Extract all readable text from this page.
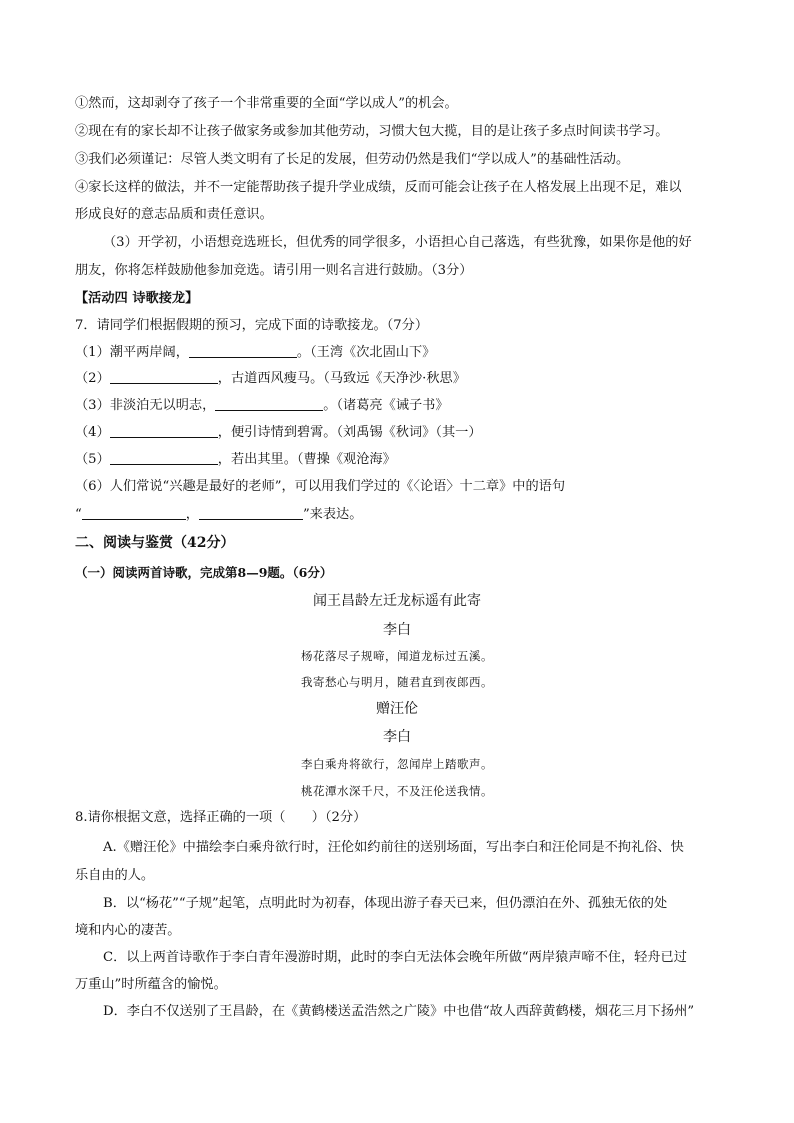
①然而，这却剥夺了孩子一个非常重要的全面“学以成人”的机会。
②现在有的家长却不让孩子做家务或参加其他劳动，习惯大包大揽，目的是让孩子多点时间读书学习。
③我们必须谨记：尽管人类文明有了长足的发展，但劳动仍然是我们“学以成人”的基础性活动。
④家长这样的做法，并不一定能帮助孩子提升学业成绩，反而可能会让孩子在人格发展上出现不足，难以
形成良好的意志品质和责任意识。
（3）开学初，小语想竞选班长，但优秀的同学很多，小语担心自己落选，有些犹豫，如果你是他的好
朋友，你将怎样鼓励他参加竞选。请引用一则名言进行鼓励。（3分）
【活动四 诗歌接龙】
7．请同学们根据假期的预习，完成下面的诗歌接龙。（7分）
（1）潮平两岸阔，	。（王湾《次北固山下》
（2）	，古道西风瘦马。（马致远《天净沙·秋思》
（3）非淡泊无以明志，	。（诸葛亮《诫子书》
（4）	，便引诗情到碧霄。（刘禹锡《秋词》（其一）
（5）	，若出其里。（曹操《观沧海》
（6）人们常说“兴趣是最好的老师”，可以用我们学过的《〈论语〉十二章》中的语句
“	，	”来表达。
二、阅读与鉴赏（42分）
（一）阅读两首诗歌，完成第8—9题。（6分）
闻王昌龄左迁龙标遥有此寄
李白
杨花落尽子规啼，闻道龙标过五溪。
我寄愁心与明月，随君直到夜郎西。
赠汪伦
李白
李白乘舟将欲行，忽闻岸上踏歌声。
桃花潭水深千尺，不及汪伦送我情。
8.请你根据文意，选择正确的一项（　　）（2分）
A.《赠汪伦》中描绘李白乘舟欲行时，汪伦如约前往的送别场面，写出李白和汪伦同是不拘礼俗、快
乐自由的人。
B．以“杨花”“子规”起笔，点明此时为初春，体现出游子春天已来，但仍漂泊在外、孤独无依的处
境和内心的凄苦。
C．以上两首诗歌作于李白青年漫游时期，此时的李白无法体会晚年所做“两岸猿声啼不住，轻舟已过
万重山”时所蕴含的愉悦。
D．李白不仅送别了王昌龄，在《黄鹤楼送孟浩然之广陵》中也借“故人西辞黄鹤楼，烟花三月下扬州”
